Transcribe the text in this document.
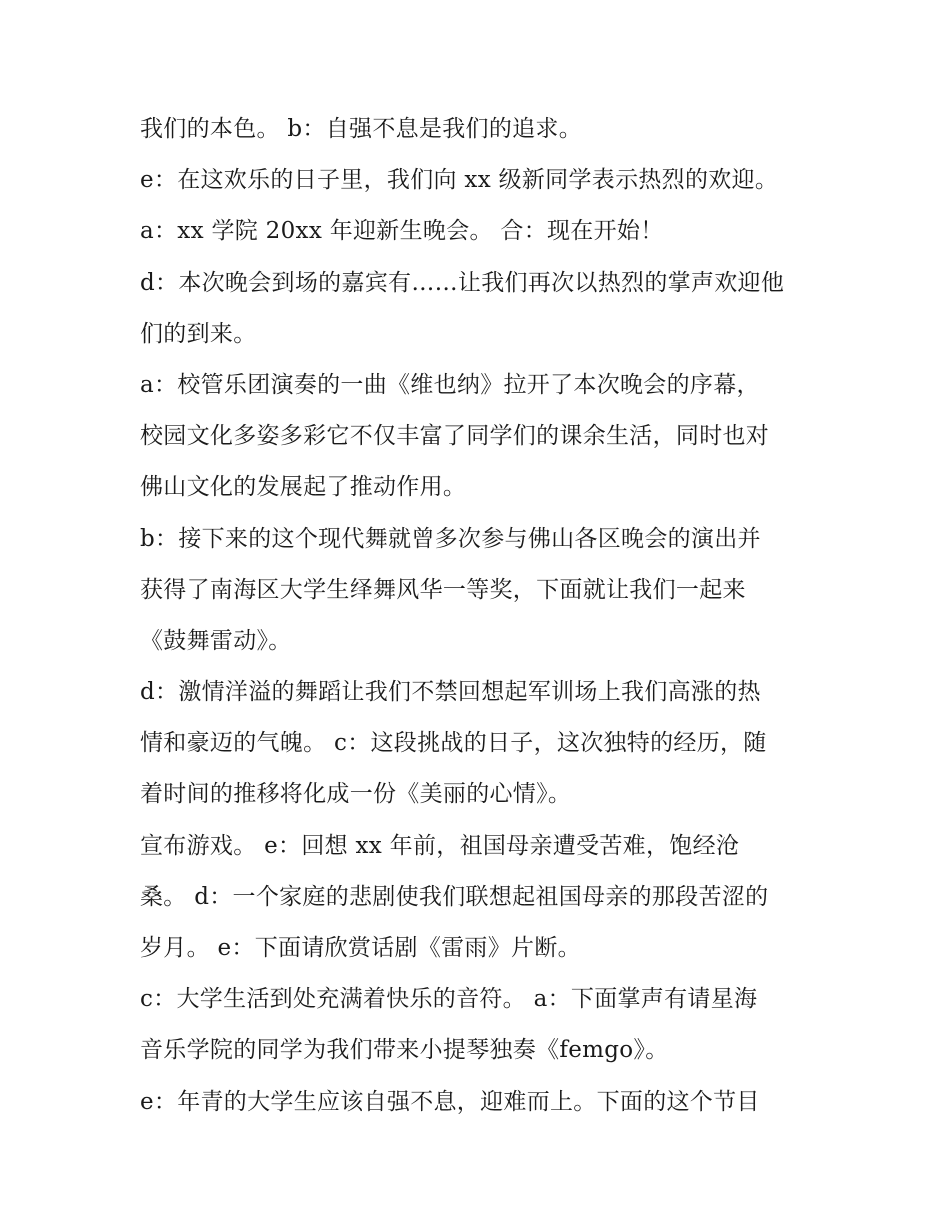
我们的本色。 b：自强不息是我们的追求。
e：在这欢乐的日子里，我们向 xx 级新同学表示热烈的欢迎。
a：xx 学院 20xx 年迎新生晚会。 合：现在开始！
d：本次晚会到场的嘉宾有……让我们再次以热烈的掌声欢迎他
们的到来。
a：校管乐团演奏的一曲《维也纳》拉开了本次晚会的序幕，
校园文化多姿多彩它不仅丰富了同学们的课余生活，同时也对
佛山文化的发展起了推动作用。
b：接下来的这个现代舞就曾多次参与佛山各区晚会的演出并
获得了南海区大学生绎舞风华一等奖，下面就让我们一起来
《鼓舞雷动》。
d：激情洋溢的舞蹈让我们不禁回想起军训场上我们高涨的热
情和豪迈的气魄。 c：这段挑战的日子，这次独特的经历，随
着时间的推移将化成一份《美丽的心情》。
宣布游戏。 e：回想 xx 年前，祖国母亲遭受苦难，饱经沧
桑。 d：一个家庭的悲剧使我们联想起祖国母亲的那段苦涩的
岁月。 e：下面请欣赏话剧《雷雨》片断。
c：大学生活到处充满着快乐的音符。 a：下面掌声有请星海
音乐学院的同学为我们带来小提琴独奏《femgo》。
e：年青的大学生应该自强不息，迎难而上。下面的这个节目
